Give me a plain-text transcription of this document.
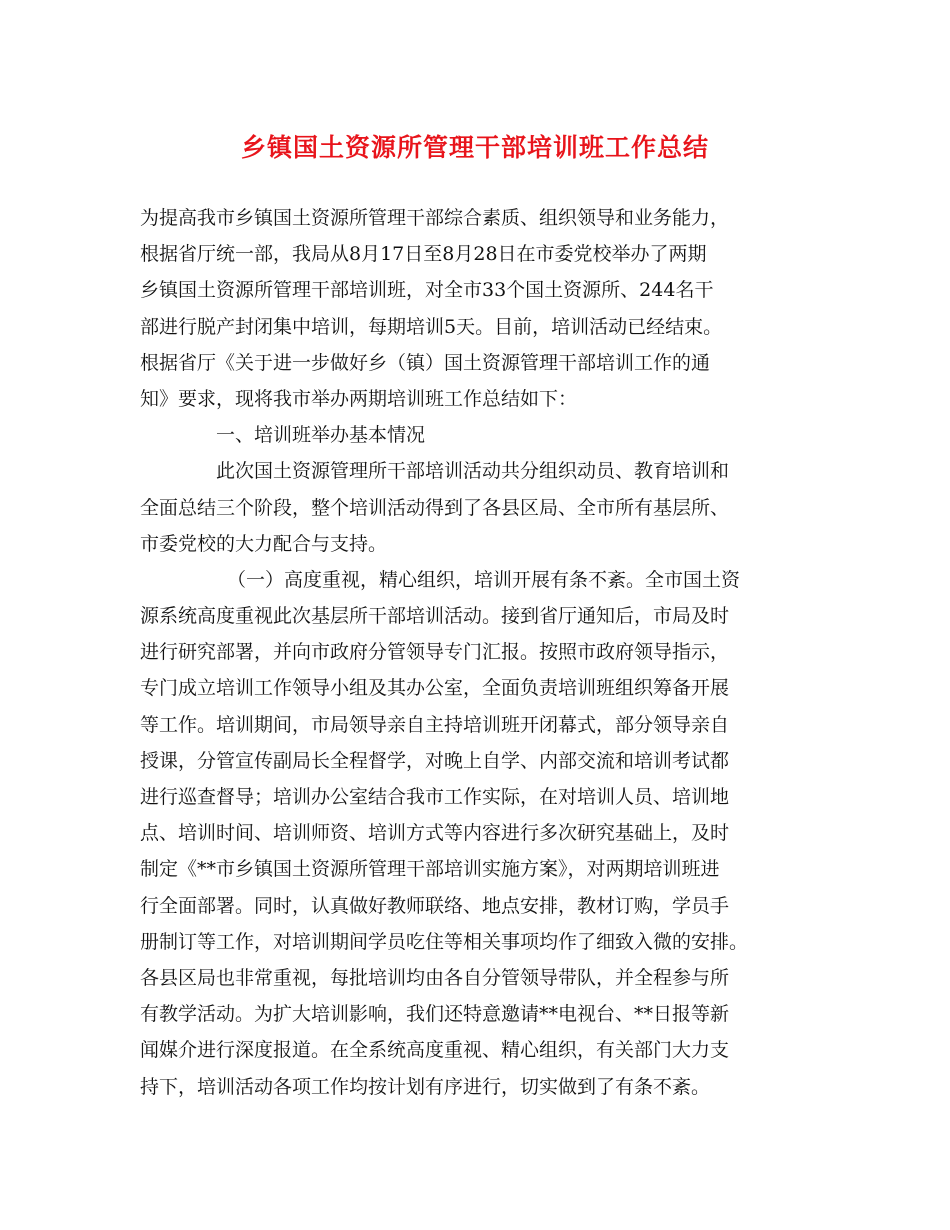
乡镇国土资源所管理干部培训班工作总结
为提高我市乡镇国土资源所管理干部综合素质、组织领导和业务能力，
根据省厅统一部，我局从8月17日至8月28日在市委党校举办了两期
乡镇国土资源所管理干部培训班，对全市33个国土资源所、244名干
部进行脱产封闭集中培训，每期培训5天。目前，培训活动已经结束。
根据省厅《关于进一步做好乡（镇）国土资源管理干部培训工作的通
知》要求，现将我市举办两期培训班工作总结如下：
一、培训班举办基本情况
此次国土资源管理所干部培训活动共分组织动员、教育培训和
全面总结三个阶段，整个培训活动得到了各县区局、全市所有基层所、
市委党校的大力配合与支持。
（一）高度重视，精心组织，培训开展有条不紊。全市国土资
源系统高度重视此次基层所干部培训活动。接到省厅通知后，市局及时
进行研究部署，并向市政府分管领导专门汇报。按照市政府领导指示，
专门成立培训工作领导小组及其办公室，全面负责培训班组织筹备开展
等工作。培训期间，市局领导亲自主持培训班开闭幕式，部分领导亲自
授课，分管宣传副局长全程督学，对晚上自学、内部交流和培训考试都
进行巡查督导；培训办公室结合我市工作实际，在对培训人员、培训地
点、培训时间、培训师资、培训方式等内容进行多次研究基础上，及时
制定《**市乡镇国土资源所管理干部培训实施方案》，对两期培训班进
行全面部署。同时，认真做好教师联络、地点安排，教材订购，学员手
册制订等工作，对培训期间学员吃住等相关事项均作了细致入微的安排。
各县区局也非常重视，每批培训均由各自分管领导带队，并全程参与所
有教学活动。为扩大培训影响，我们还特意邀请**电视台、**日报等新
闻媒介进行深度报道。在全系统高度重视、精心组织，有关部门大力支
持下，培训活动各项工作均按计划有序进行，切实做到了有条不紊。
